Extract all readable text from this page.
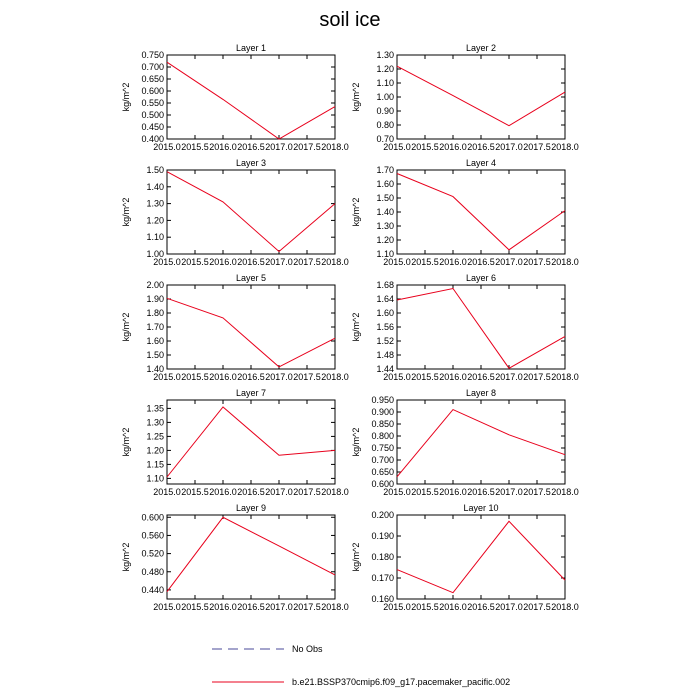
soil ice
Layer 1
kg/m^2
0.400
0.450
0.500
0.550
0.600
0.650
0.700
0.750
2015.0 2015.5 2016.0 2016.5 2017.0 2017.5 2018.0
Layer 2
kg/m^2
0.70
0.80
0.90
1.00
1.10
1.20
1.30
2015.0 2015.5 2016.0 2016.5 2017.0 2017.5 2018.0
Layer 3
kg/m^2
1.00
1.10
1.20
1.30
1.40
1.50
2015.0 2015.5 2016.0 2016.5 2017.0 2017.5 2018.0
Layer 4
kg/m^2
1.10
1.20
1.30
1.40
1.50
1.60
1.70
2015.0 2015.5 2016.0 2016.5 2017.0 2017.5 2018.0
Layer 5
kg/m^2
1.40
1.50
1.60
1.70
1.80
1.90
2.00
2015.0 2015.5 2016.0 2016.5 2017.0 2017.5 2018.0
Layer 6
kg/m^2
1.44
1.48
1.52
1.56
1.60
1.64
1.68
2015.0 2015.5 2016.0 2016.5 2017.0 2017.5 2018.0
Layer 7
kg/m^2
1.10
1.15
1.20
1.25
1.30
1.35
2015.0 2015.5 2016.0 2016.5 2017.0 2017.5 2018.0
Layer 8
kg/m^2
0.600
0.650
0.700
0.750
0.800
0.850
0.900
0.950
2015.0 2015.5 2016.0 2016.5 2017.0 2017.5 2018.0
Layer 9
kg/m^2
0.440
0.480
0.520
0.560
0.600
2015.0 2015.5 2016.0 2016.5 2017.0 2017.5 2018.0
Layer 10
kg/m^2
0.160
0.170
0.180
0.190
0.200
2015.0 2015.5 2016.0 2016.5 2017.0 2017.5 2018.0
No Obs
b.e21.BSSP370cmip6.f09_g17.pacemaker_pacific.002
